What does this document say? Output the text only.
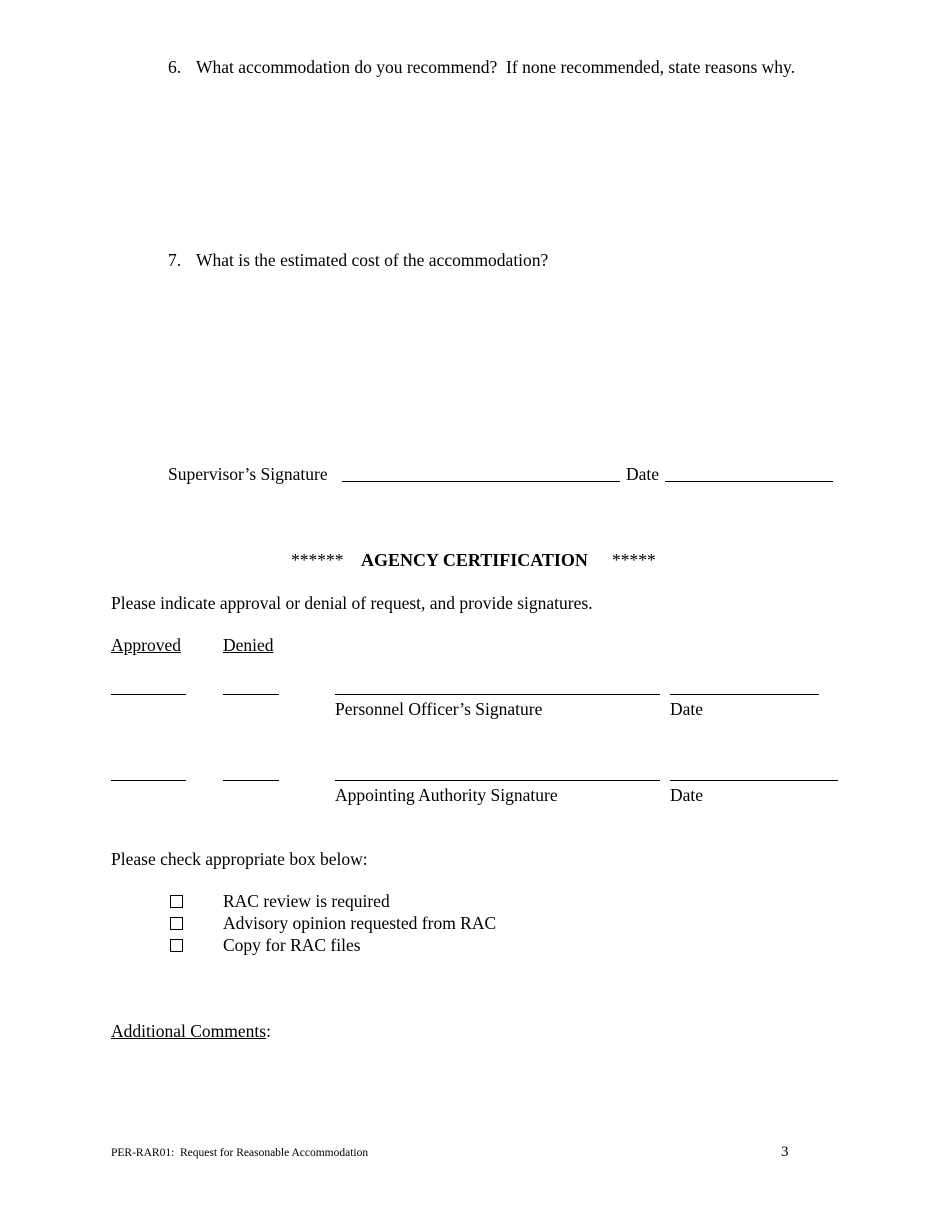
6. What accommodation do you recommend?  If none recommended, state reasons why.
7. What is the estimated cost of the accommodation?
Supervisor’s Signature	Date
****** AGENCY CERTIFICATION *****
Please indicate approval or denial of request, and provide signatures.
Approved Denied
Personnel Officer’s Signature	Date
Appointing Authority Signature	Date
Please check appropriate box below:
RAC review is required
Advisory opinion requested from RAC
Copy for RAC files
Additional Comments:
PER-RAR01:  Request for Reasonable Accommodation	3
